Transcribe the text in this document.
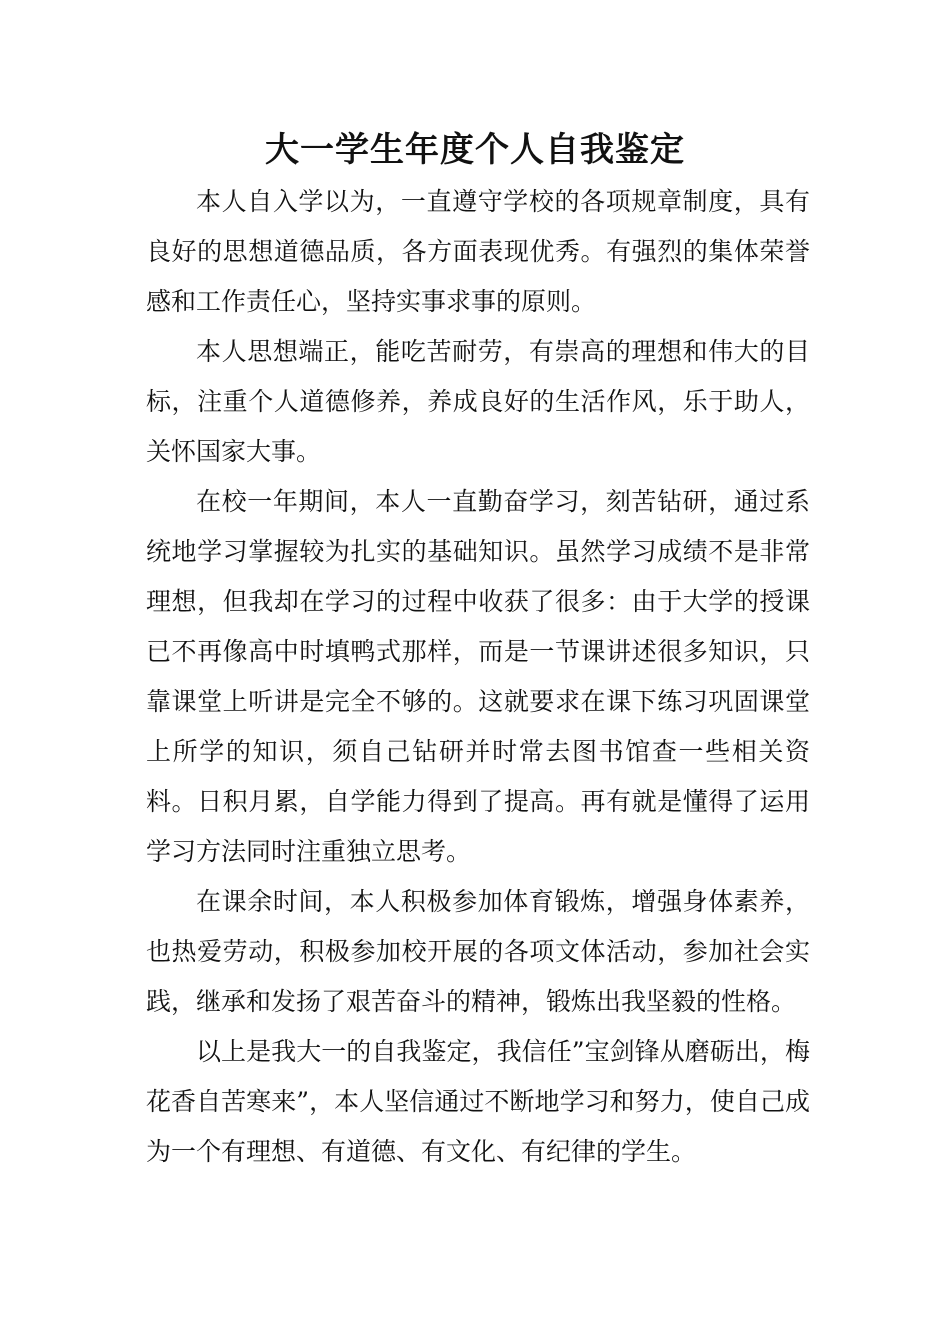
大一学生年度个人自我鉴定

本人自入学以为，一直遵守学校的各项规章制度，具有良好的思想道德品质，各方面表现优秀。有强烈的集体荣誉感和工作责任心，坚持实事求事的原则。

本人思想端正，能吃苦耐劳，有崇高的理想和伟大的目标，注重个人道德修养，养成良好的生活作风，乐于助人，关怀国家大事。

在校一年期间，本人一直勤奋学习，刻苦钻研，通过系统地学习掌握较为扎实的基础知识。虽然学习成绩不是非常理想，但我却在学习的过程中收获了很多：由于大学的授课已不再像高中时填鸭式那样，而是一节课讲述很多知识，只靠课堂上听讲是完全不够的。这就要求在课下练习巩固课堂上所学的知识，须自己钻研并时常去图书馆查一些相关资料。日积月累，自学能力得到了提高。再有就是懂得了运用学习方法同时注重独立思考。

在课余时间，本人积极参加体育锻炼，增强身体素养，也热爱劳动，积极参加校开展的各项文体活动，参加社会实践，继承和发扬了艰苦奋斗的精神，锻炼出我坚毅的性格。

以上是我大一的自我鉴定，我信任”宝剑锋从磨砺出，梅花香自苦寒来”，本人坚信通过不断地学习和努力，使自己成为一个有理想、有道德、有文化、有纪律的学生。
